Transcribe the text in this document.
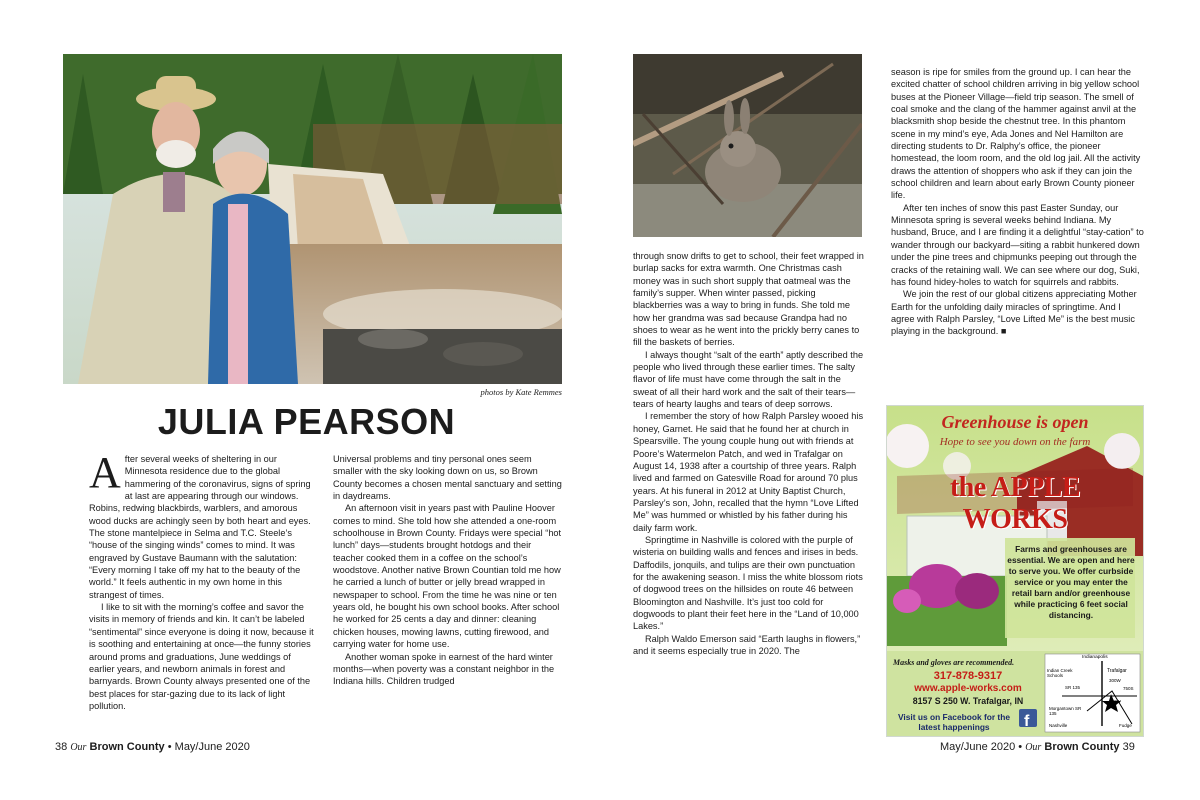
photos by Kate Remmes
JULIA PEARSON

After several weeks of sheltering in our Minnesota residence due to the global hammering of the coronavirus, signs of spring at last are appearing through our windows. Robins, redwing blackbirds, warblers, and amorous wood ducks are achingly seen by both heart and eyes. The stone mantelpiece in Selma and T.C. Steele’s “house of the singing winds” comes to mind. It was engraved by Gustave Baumann with the salutation: “Every morning I take off my hat to the beauty of the world.” It feels authentic in my own home in this strangest of times.

I like to sit with the morning’s coffee and savor the visits in memory of friends and kin. It can’t be labeled “sentimental” since everyone is doing it now, because it is soothing and entertaining at once—the funny stories around proms and graduations, June weddings of earlier years, and newborn animals in forest and barnyards. Brown County always presented one of the best places for star-gazing due to its lack of light pollution.

Universal problems and tiny personal ones seem smaller with the sky looking down on us, so Brown County becomes a chosen mental sanctuary and setting in daydreams.

An afternoon visit in years past with Pauline Hoover comes to mind. She told how she attended a one-room schoolhouse in Brown County. Fridays were special “hot lunch” days—students brought hotdogs and their teacher cooked them in a coffee on the school’s woodstove. Another native Brown Countian told me how he carried a lunch of butter or jelly bread wrapped in newspaper to school. From the time he was nine or ten years old, he bought his own school books. After school he worked for 25 cents a day and dinner: cleaning chicken houses, mowing lawns, cutting firewood, and carrying water for home use.

Another woman spoke in earnest of the hard winter months—when poverty was a constant neighbor in the Indiana hills. Children trudged

through snow drifts to get to school, their feet wrapped in burlap sacks for extra warmth. One Christmas cash money was in such short supply that oatmeal was the family’s supper. When winter passed, picking blackberries was a way to bring in funds. She told me how her grandma was sad because Grandpa had no shoes to wear as he went into the prickly berry canes to fill the baskets of berries.

I always thought “salt of the earth” aptly described the people who lived through these earlier times. The salty flavor of life must have come through the salt in the sweat of all their hard work and the salt of their tears—tears of hearty laughs and tears of deep sorrows.

I remember the story of how Ralph Parsley wooed his honey, Garnet. He said that he found her at church in Spearsville. The young couple hung out with friends at Poore’s Watermelon Patch, and wed in Trafalgar on August 14, 1938 after a courtship of three years. Ralph lived and farmed on Gatesville Road for around 70 plus years. At his funeral in 2012 at Unity Baptist Church, Parsley’s son, John, recalled that the hymn “Love Lifted Me” was hummed or whistled by his father during his daily farm work.

Springtime in Nashville is colored with the purple of wisteria on building walls and fences and irises in beds. Daffodils, jonquils, and tulips are their own punctuation for the awakening season. I miss the white blossom riots of dogwood trees on the hillsides on route 46 between Bloomington and Nashville. It’s just too cold for dogwoods to plant their feet here in the “Land of 10,000 Lakes.”

Ralph Waldo Emerson said “Earth laughs in flowers,” and it seems especially true in 2020. The

season is ripe for smiles from the ground up. I can hear the excited chatter of school children arriving in big yellow school buses at the Pioneer Village—field trip season. The smell of coal smoke and the clang of the hammer against anvil at the blacksmith shop beside the chestnut tree. In this phantom scene in my mind’s eye, Ada Jones and Nel Hamilton are directing students to Dr. Ralphy’s office, the pioneer homestead, the loom room, and the old log jail. All the activity draws the attention of shoppers who ask if they can join the school children and learn about early Brown County pioneer life.

After ten inches of snow this past Easter Sunday, our Minnesota spring is several weeks behind Indiana. My husband, Bruce, and I are finding it a delightful “stay-cation” to wander through our backyard—siting a rabbit hunkered down under the pine trees and chipmunks peeping out through the cracks of the retaining wall. We can see where our dog, Suki, has found hidey-holes to watch for squirrels and rabbits.

We join the rest of our global citizens appreciating Mother Earth for the unfolding daily miracles of springtime. And I agree with Ralph Parsley, “Love Lifted Me” is the best music playing in the background. ■

f
Greenhouse is open
Hope to see you down on the farm
the APPLE WORKS
Farms and greenhouses are essential. We are open and here to serve you. We offer curbside service or you may enter the retail barn and/or greenhouse while practicing 6 feet social distancing.
Masks and gloves are recommended.
317-878-9317
www.apple-works.com
8157 S 250 W. Trafalgar, IN
Visit us on Facebook for the latest happenings
Indianapolis
Indian Creek Schools
Trafalgar
300W
750S
SR 135
250W
Morgantown SR 135
Nashville	Fudge
38 Our Brown County • May/June 2020	May/June 2020 • Our Brown County 39
